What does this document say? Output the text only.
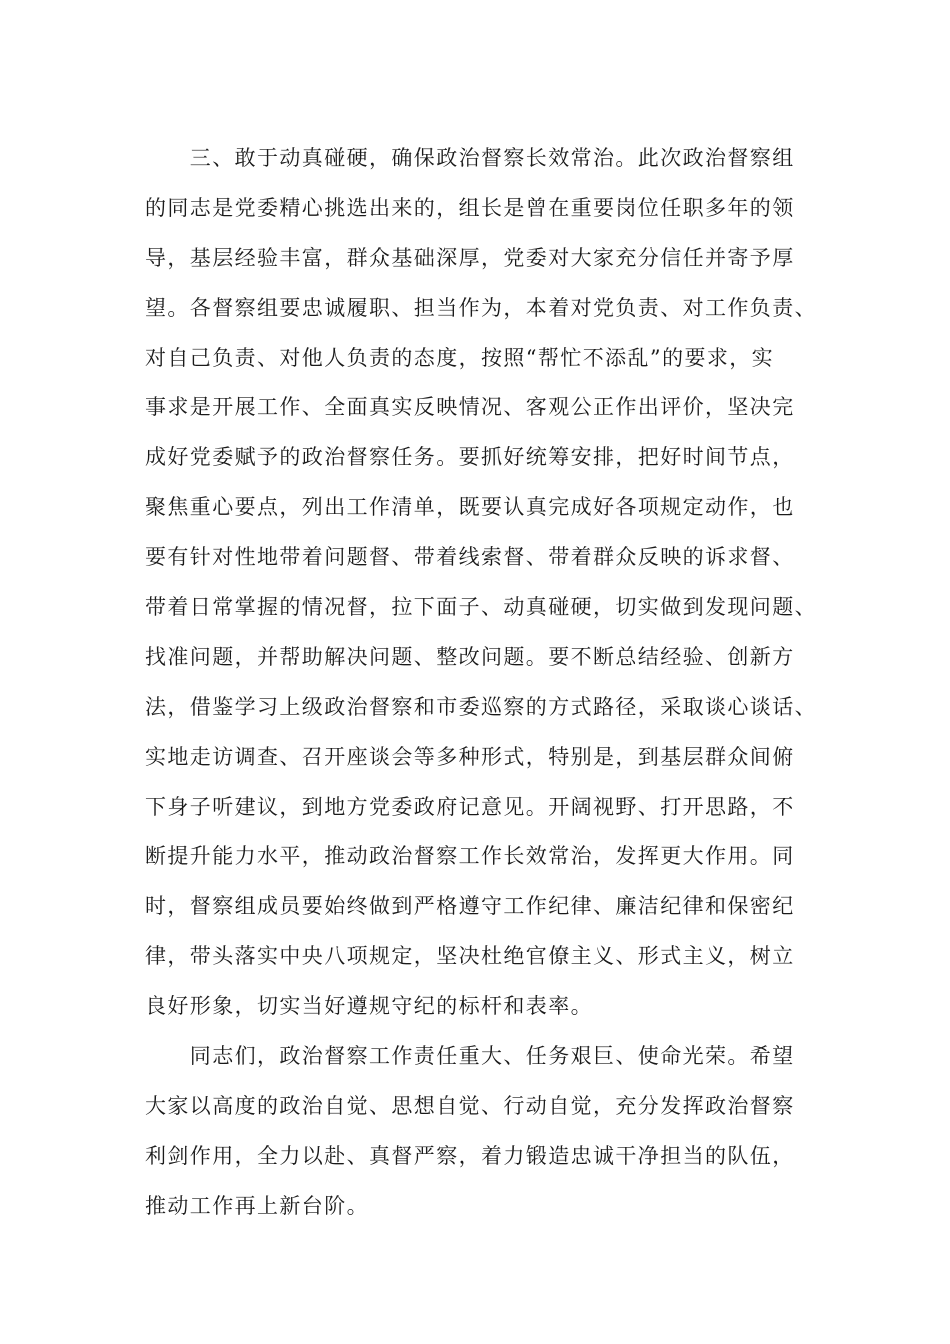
　　三、敢于动真碰硬，确保政治督察长效常治。此次政治督察组
的同志是党委精心挑选出来的，组长是曾在重要岗位任职多年的领
导，基层经验丰富，群众基础深厚，党委对大家充分信任并寄予厚
望。各督察组要忠诚履职、担当作为，本着对党负责、对工作负责、
对自己负责、对他人负责的态度，按照“帮忙不添乱”的要求，实
事求是开展工作、全面真实反映情况、客观公正作出评价，坚决完
成好党委赋予的政治督察任务。要抓好统筹安排，把好时间节点，
聚焦重心要点，列出工作清单，既要认真完成好各项规定动作，也
要有针对性地带着问题督、带着线索督、带着群众反映的诉求督、
带着日常掌握的情况督，拉下面子、动真碰硬，切实做到发现问题、
找准问题，并帮助解决问题、整改问题。要不断总结经验、创新方
法，借鉴学习上级政治督察和市委巡察的方式路径，采取谈心谈话、
实地走访调查、召开座谈会等多种形式，特别是，到基层群众间俯
下身子听建议，到地方党委政府记意见。开阔视野、打开思路，不
断提升能力水平，推动政治督察工作长效常治，发挥更大作用。同
时，督察组成员要始终做到严格遵守工作纪律、廉洁纪律和保密纪
律，带头落实中央八项规定，坚决杜绝官僚主义、形式主义，树立
良好形象，切实当好遵规守纪的标杆和表率。
　　同志们，政治督察工作责任重大、任务艰巨、使命光荣。希望
大家以高度的政治自觉、思想自觉、行动自觉，充分发挥政治督察
利剑作用，全力以赴、真督严察，着力锻造忠诚干净担当的队伍，
推动工作再上新台阶。
